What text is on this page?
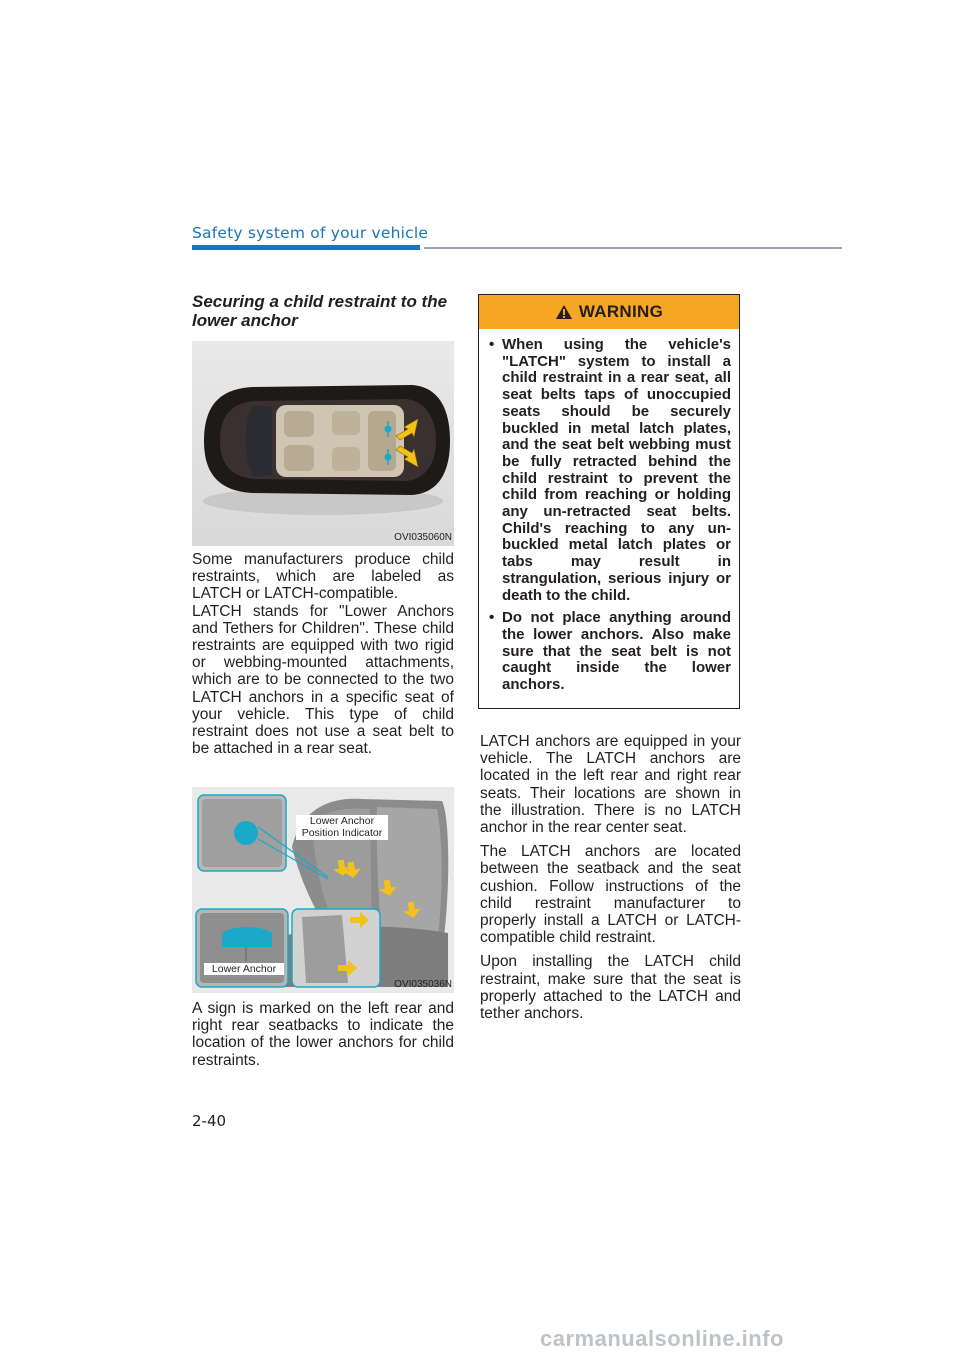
Safety system of your vehicle
Securing a child restraint to the lower anchor
OVI035060N

Some manufacturers produce child restraints, which are labeled as LATCH or LATCH-compatible.

LATCH stands for "Lower Anchors and Tethers for Children". These child restraints are equipped with two rigid or webbing-mounted attachments, which are to be connected to the two LATCH anchors in a specific seat of your vehicle. This type of child restraint does not use a seat belt to be attached in a rear seat.

Lower Anchor Position Indicator
Lower Anchor
OVI035036N

A sign is marked on the left rear and right rear seatbacks to indicate the location of the lower anchors for child restraints.

WARNING
• When using the vehicle's "LATCH" system to install a child restraint in a rear seat, all seat belts taps of unoccupied seats should be securely buckled in metal latch plates, and the seat belt webbing must be fully retracted behind the child restraint to prevent the child from reaching or holding any un-retracted seat belts. Child's reaching to any un-buckled metal latch plates or tabs may result in strangulation, serious injury or death to the child.
• Do not place anything around the lower anchors. Also make sure that the seat belt is not caught inside the lower anchors.

LATCH anchors are equipped in your vehicle. The LATCH anchors are located in the left rear and right rear seats. Their locations are shown in the illustration. There is no LATCH anchor in the rear center seat.

The LATCH anchors are located between the seatback and the seat cushion. Follow instructions of the child restraint manufacturer to properly install a LATCH or LATCH-compatible child restraint.

Upon installing the LATCH child restraint, make sure that the seat is properly attached to the LATCH and tether anchors.

2-40
carmanualsonline.info
